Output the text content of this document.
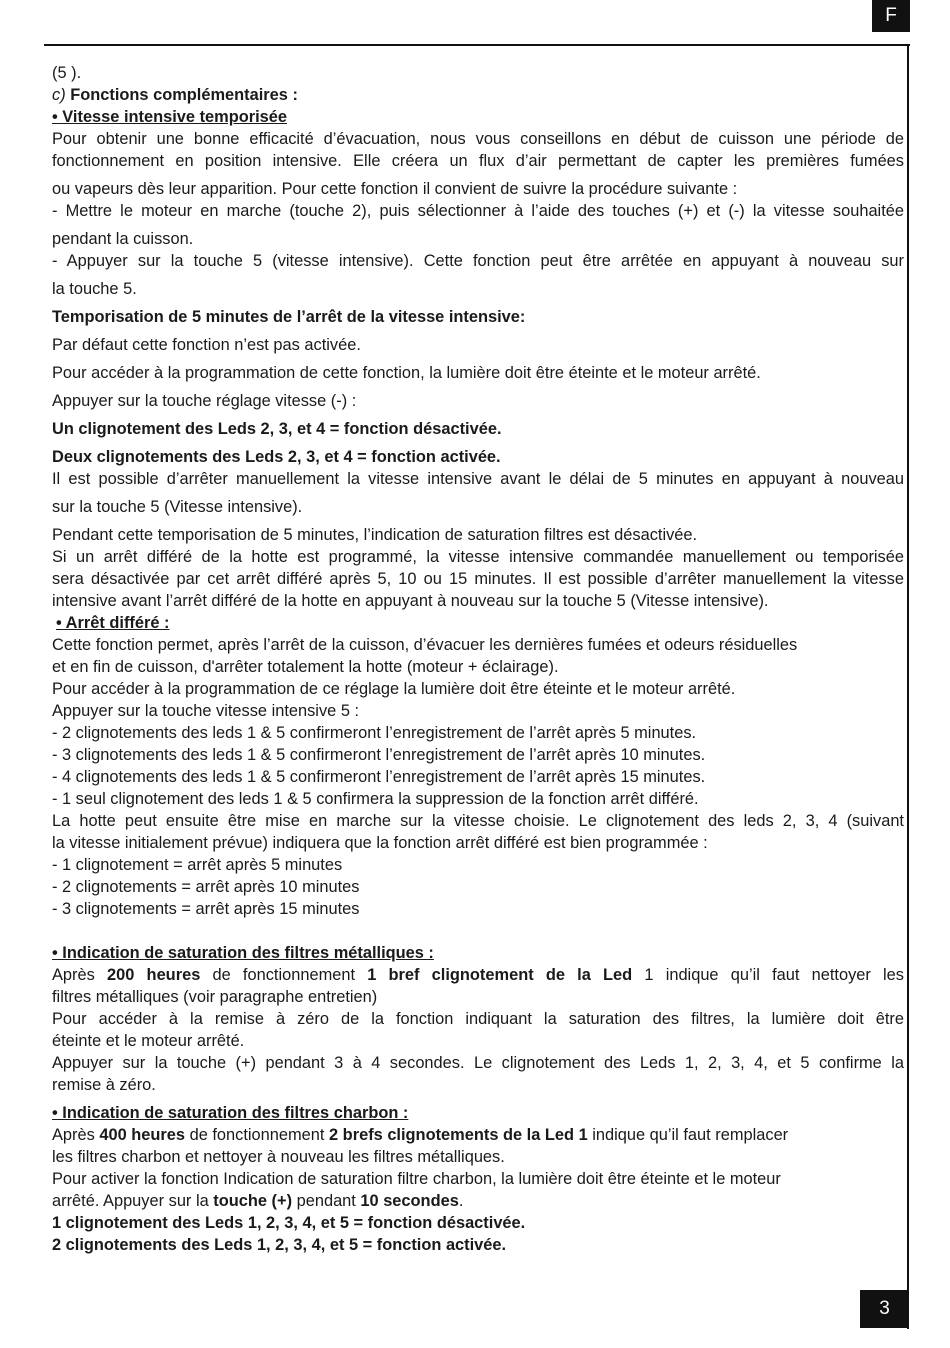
F
3

(5 ).

c) Fonctions complémentaires :

• Vitesse intensive temporisée

Pour obtenir une bonne efficacité d’évacuation, nous vous conseillons en début de cuisson une période de

fonctionnement en position intensive. Elle créera un flux d’air permettant de capter les premières fumées

ou vapeurs dès leur apparition. Pour cette fonction il convient de suivre la procédure suivante :

- Mettre le moteur en marche (touche 2), puis sélectionner à l’aide des touches (+) et (-) la vitesse souhaitée

pendant la cuisson.

- Appuyer sur la touche 5 (vitesse intensive). Cette fonction peut être arrêtée en appuyant à nouveau sur

la touche 5.

Temporisation de 5 minutes de l’arrêt de la vitesse intensive:

Par défaut cette fonction n’est pas activée.

Pour accéder à la programmation de cette fonction, la lumière doit être éteinte et le moteur arrêté.

Appuyer sur la touche réglage vitesse (-) :

Un clignotement des Leds 2, 3, et 4 = fonction désactivée.

Deux clignotements des Leds 2, 3, et 4 = fonction activée.

Il est possible d’arrêter manuellement la vitesse intensive avant le délai de 5 minutes en appuyant à nouveau

sur la touche 5 (Vitesse intensive).

Pendant cette temporisation de 5 minutes, l’indication de saturation filtres est désactivée.

Si un arrêt différé de la hotte est programmé, la vitesse intensive commandée manuellement ou temporisée

sera désactivée par cet arrêt différé après 5, 10 ou 15 minutes. Il est possible d’arrêter manuellement la vitesse

intensive avant l’arrêt différé de la hotte en appuyant à nouveau sur la touche 5 (Vitesse intensive).

• Arrêt différé :

Cette fonction permet, après l’arrêt de la cuisson, d’évacuer les dernières fumées et odeurs résiduelles

et en fin de cuisson, d'arrêter totalement la hotte (moteur + éclairage).

Pour accéder à la programmation de ce réglage la lumière doit être éteinte et le moteur arrêté.

Appuyer sur la touche vitesse intensive 5 :

- 2 clignotements des leds 1 & 5 confirmeront l’enregistrement de l’arrêt après 5 minutes.

- 3 clignotements des leds 1 & 5 confirmeront l’enregistrement de l’arrêt après 10 minutes.

- 4 clignotements des leds 1 & 5 confirmeront l’enregistrement de l’arrêt après 15 minutes.

- 1 seul clignotement des leds 1 & 5 confirmera la suppression de la fonction arrêt différé.

La hotte peut ensuite être mise en marche sur la vitesse choisie. Le clignotement des leds 2, 3, 4 (suivant

la vitesse initialement prévue) indiquera que la fonction arrêt différé est bien programmée :

- 1 clignotement = arrêt après 5 minutes

- 2 clignotements = arrêt après 10 minutes

- 3 clignotements = arrêt après 15 minutes

• Indication de saturation des filtres métalliques :

Après 200 heures de fonctionnement 1 bref clignotement de la Led 1 indique qu’il faut nettoyer les

filtres métalliques (voir paragraphe entretien)

Pour accéder à la remise à zéro de la fonction indiquant la saturation des filtres, la lumière doit être

éteinte et le moteur arrêté.

Appuyer sur la touche (+) pendant 3 à 4 secondes. Le clignotement des Leds 1, 2, 3, 4, et 5 confirme la

remise à zéro.

• Indication de saturation des filtres charbon :

Après 400 heures de fonctionnement 2 brefs clignotements de la Led 1 indique qu’il faut remplacer

les filtres charbon et nettoyer à nouveau les filtres métalliques.

Pour activer la fonction Indication de saturation filtre charbon, la lumière doit être éteinte et le moteur

arrêté. Appuyer sur la touche (+) pendant 10 secondes.

1 clignotement des Leds 1, 2, 3, 4, et 5 = fonction désactivée.

2 clignotements des Leds 1, 2, 3, 4, et 5 = fonction activée.
